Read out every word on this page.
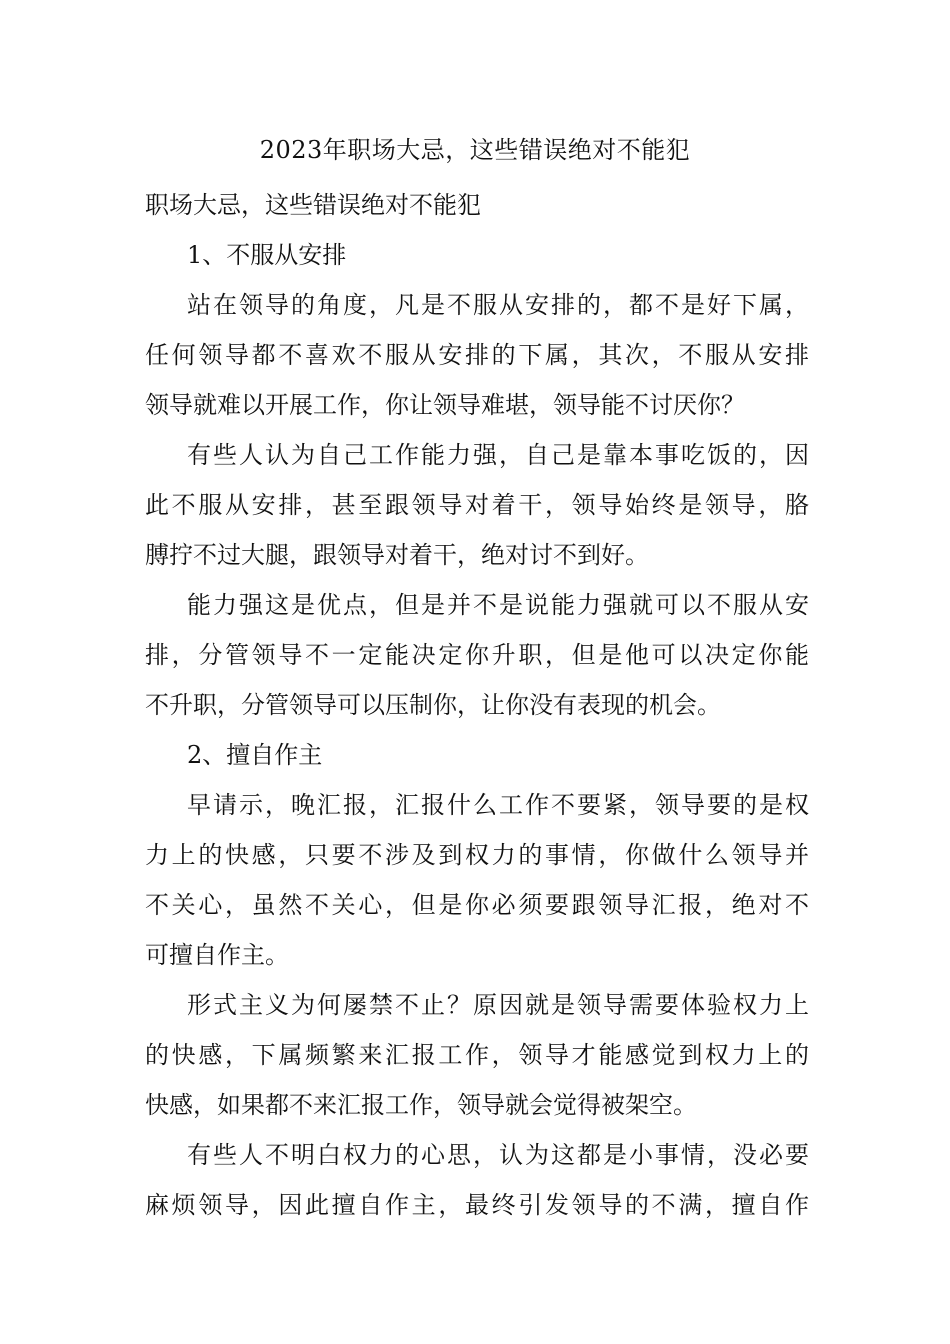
2023年职场大忌，这些错误绝对不能犯
职场大忌，这些错误绝对不能犯
1、不服从安排
站在领导的角度，凡是不服从安排的，都不是好下属，
任何领导都不喜欢不服从安排的下属，其次，不服从安排
领导就难以开展工作，你让领导难堪，领导能不讨厌你？
有些人认为自己工作能力强，自己是靠本事吃饭的，因
此不服从安排，甚至跟领导对着干，领导始终是领导，胳
膊拧不过大腿，跟领导对着干，绝对讨不到好。
能力强这是优点，但是并不是说能力强就可以不服从安
排，分管领导不一定能决定你升职，但是他可以决定你能
不升职，分管领导可以压制你，让你没有表现的机会。
2、擅自作主
早请示，晚汇报，汇报什么工作不要紧，领导要的是权
力上的快感，只要不涉及到权力的事情，你做什么领导并
不关心，虽然不关心，但是你必须要跟领导汇报，绝对不
可擅自作主。
形式主义为何屡禁不止？原因就是领导需要体验权力上
的快感，下属频繁来汇报工作，领导才能感觉到权力上的
快感，如果都不来汇报工作，领导就会觉得被架空。
有些人不明白权力的心思，认为这都是小事情，没必要
麻烦领导，因此擅自作主，最终引发领导的不满，擅自作
